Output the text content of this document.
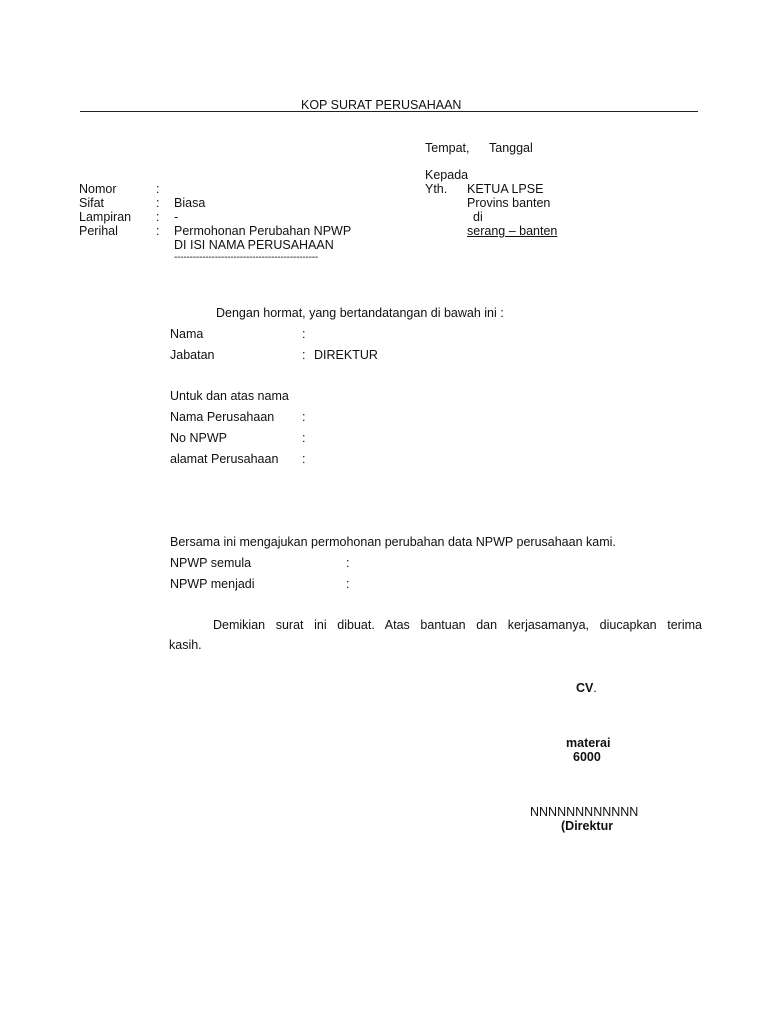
KOP SURAT PERUSAHAAN
Tempat, Tanggal
Kepada
Yth. KETUA LPSE
Provins banten
di
serang – banten
Nomor	:
Sifat	: Biasa
Lampiran : -
Perihal	: Permohonan Perubahan NPWP
DI ISI NAMA PERUSAHAAN
----------------------------------------------
Dengan hormat, yang bertandatangan di bawah ini :
Nama	:
Jabatan	: DIREKTUR
Untuk dan atas nama
Nama Perusahaan :
No NPWP	:
alamat Perusahaan :
Bersama ini mengajukan permohonan perubahan data NPWP perusahaan kami.
NPWP semula	:
NPWP menjadi	:
Demikian surat ini dibuat. Atas bantuan dan kerjasamanya, diucapkan terima
kasih.
CV.
materai
6000
NNNNNNNNNNNN
(Direktur
